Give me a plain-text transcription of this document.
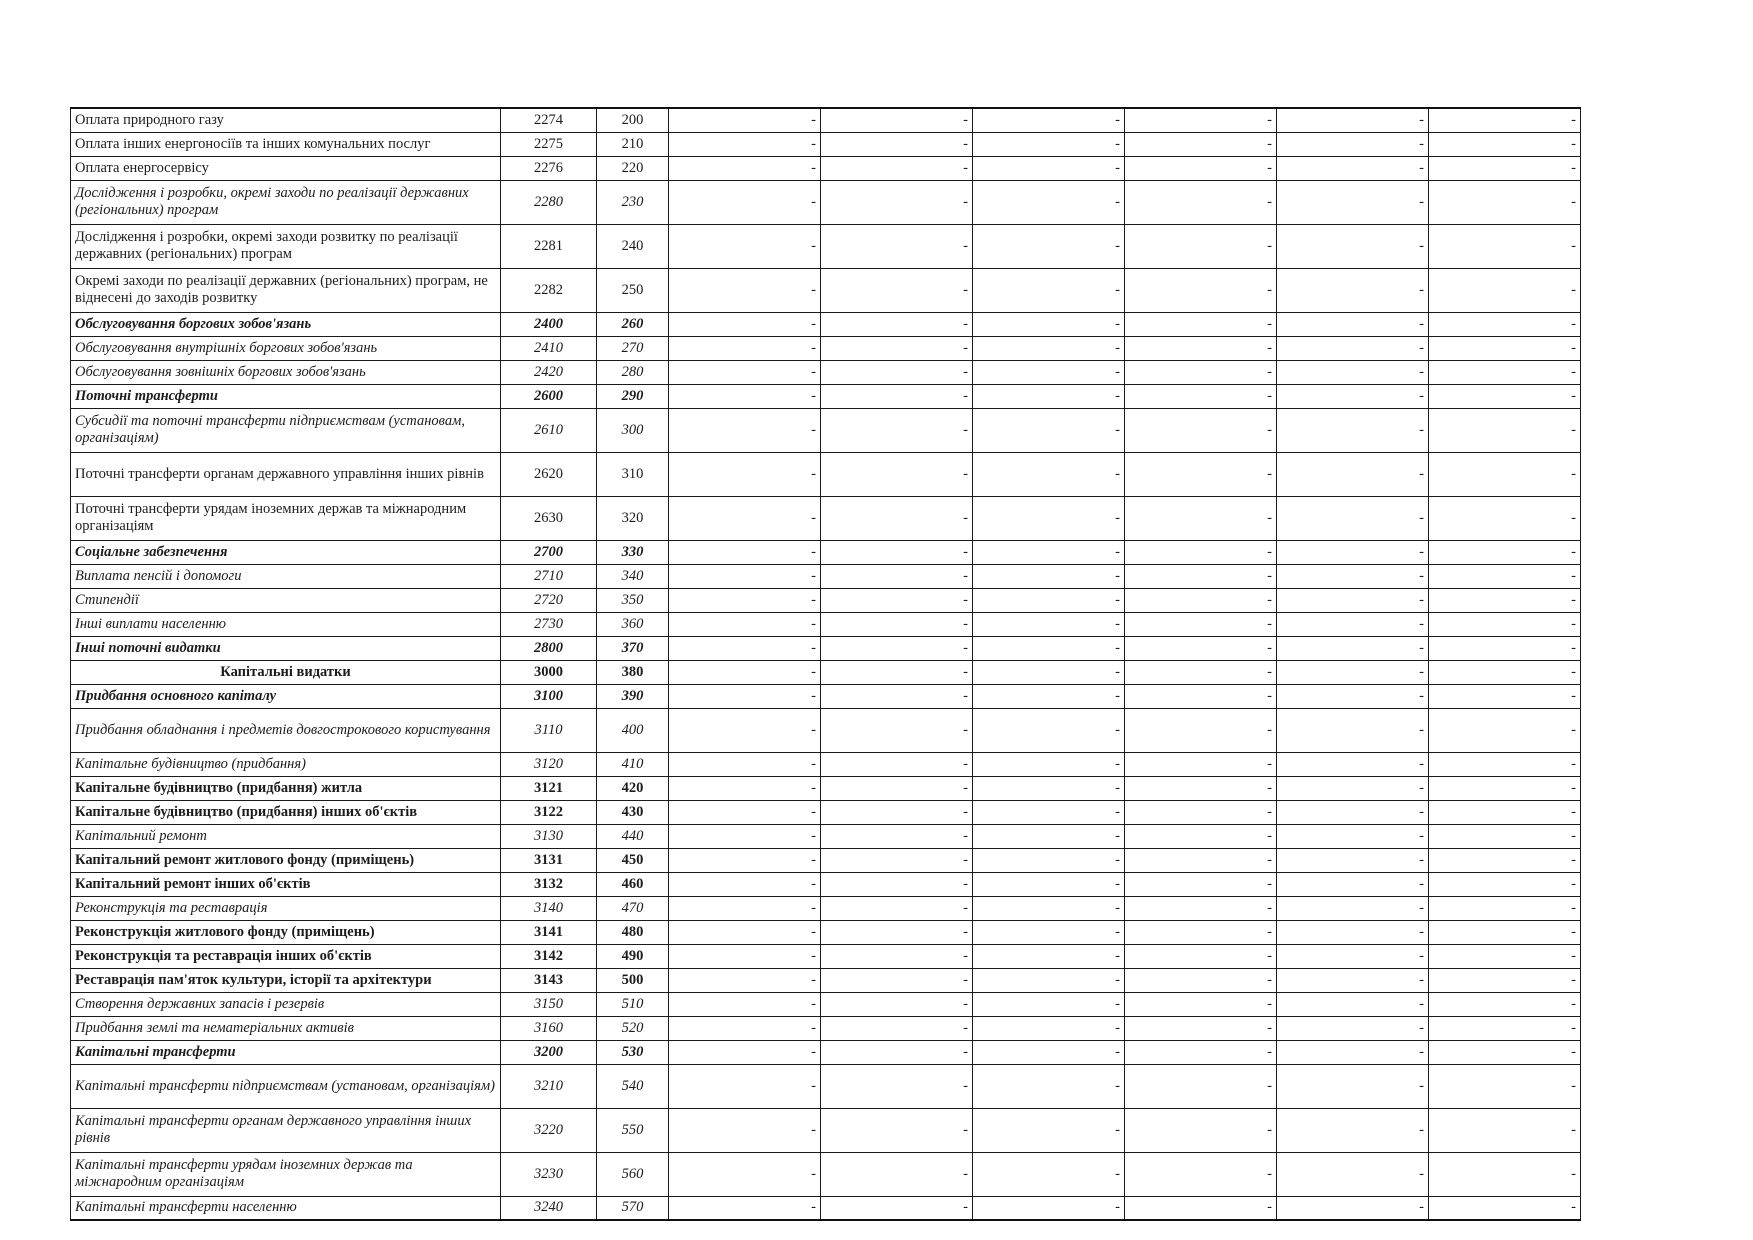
Оплата природного газу	2274	200	-	-	-	-	-	-
Оплата інших енергоносіїв та інших комунальних послуг	2275	210	-	-	-	-	-	-
Оплата енергосервісу	2276	220	-	-	-	-	-	-
Дослідження і розробки, окремі заходи по реалізації державних (регіональних) програм	2280	230	-	-	-	-	-	-
Дослідження і розробки, окремі заходи розвитку по реалізації державних (регіональних) програм	2281	240	-	-	-	-	-	-
Окремі заходи по реалізації державних (регіональних) програм, не віднесені до заходів розвитку	2282	250	-	-	-	-	-	-
Обслуговування боргових зобов'язань	2400	260	-	-	-	-	-	-
Обслуговування внутрішніх боргових зобов'язань	2410	270	-	-	-	-	-	-
Обслуговування зовнішніх боргових зобов'язань	2420	280	-	-	-	-	-	-
Поточні трансферти	2600	290	-	-	-	-	-	-
Субсидії та поточні трансферти підприємствам (установам, організаціям)	2610	300	-	-	-	-	-	-
Поточні трансферти органам державного управління інших рівнів	2620	310	-	-	-	-	-	-
Поточні трансферти урядам іноземних держав та міжнародним організаціям	2630	320	-	-	-	-	-	-
Соціальне забезпечення	2700	330	-	-	-	-	-	-
Виплата пенсій і допомоги	2710	340	-	-	-	-	-	-
Стипендії	2720	350	-	-	-	-	-	-
Інші виплати населенню	2730	360	-	-	-	-	-	-
Інші поточні видатки	2800	370	-	-	-	-	-	-
Капітальні видатки	3000	380	-	-	-	-	-	-
Придбання основного капіталу	3100	390	-	-	-	-	-	-
Придбання обладнання і предметів довгострокового користування	3110	400	-	-	-	-	-	-
Капітальне будівництво (придбання)	3120	410	-	-	-	-	-	-
Капітальне будівництво (придбання) житла	3121	420	-	-	-	-	-	-
Капітальне будівництво (придбання) інших об'єктів	3122	430	-	-	-	-	-	-
Капітальний ремонт	3130	440	-	-	-	-	-	-
Капітальний ремонт житлового фонду (приміщень)	3131	450	-	-	-	-	-	-
Капітальний ремонт інших об'єктів	3132	460	-	-	-	-	-	-
Реконструкція та реставрація	3140	470	-	-	-	-	-	-
Реконструкція житлового фонду (приміщень)	3141	480	-	-	-	-	-	-
Реконструкція та реставрація інших об'єктів	3142	490	-	-	-	-	-	-
Реставрація пам'яток культури, історії та архітектури	3143	500	-	-	-	-	-	-
Створення державних запасів і резервів	3150	510	-	-	-	-	-	-
Придбання землі та нематеріальних активів	3160	520	-	-	-	-	-	-
Капітальні трансферти	3200	530	-	-	-	-	-	-
Капітальні трансферти підприємствам (установам, організаціям)	3210	540	-	-	-	-	-	-
Капітальні трансферти органам державного управління інших рівнів	3220	550	-	-	-	-	-	-
Капітальні трансферти урядам іноземних держав та міжнародним організаціям	3230	560	-	-	-	-	-	-
Капітальні трансферти населенню	3240	570	-	-	-	-	-	-
